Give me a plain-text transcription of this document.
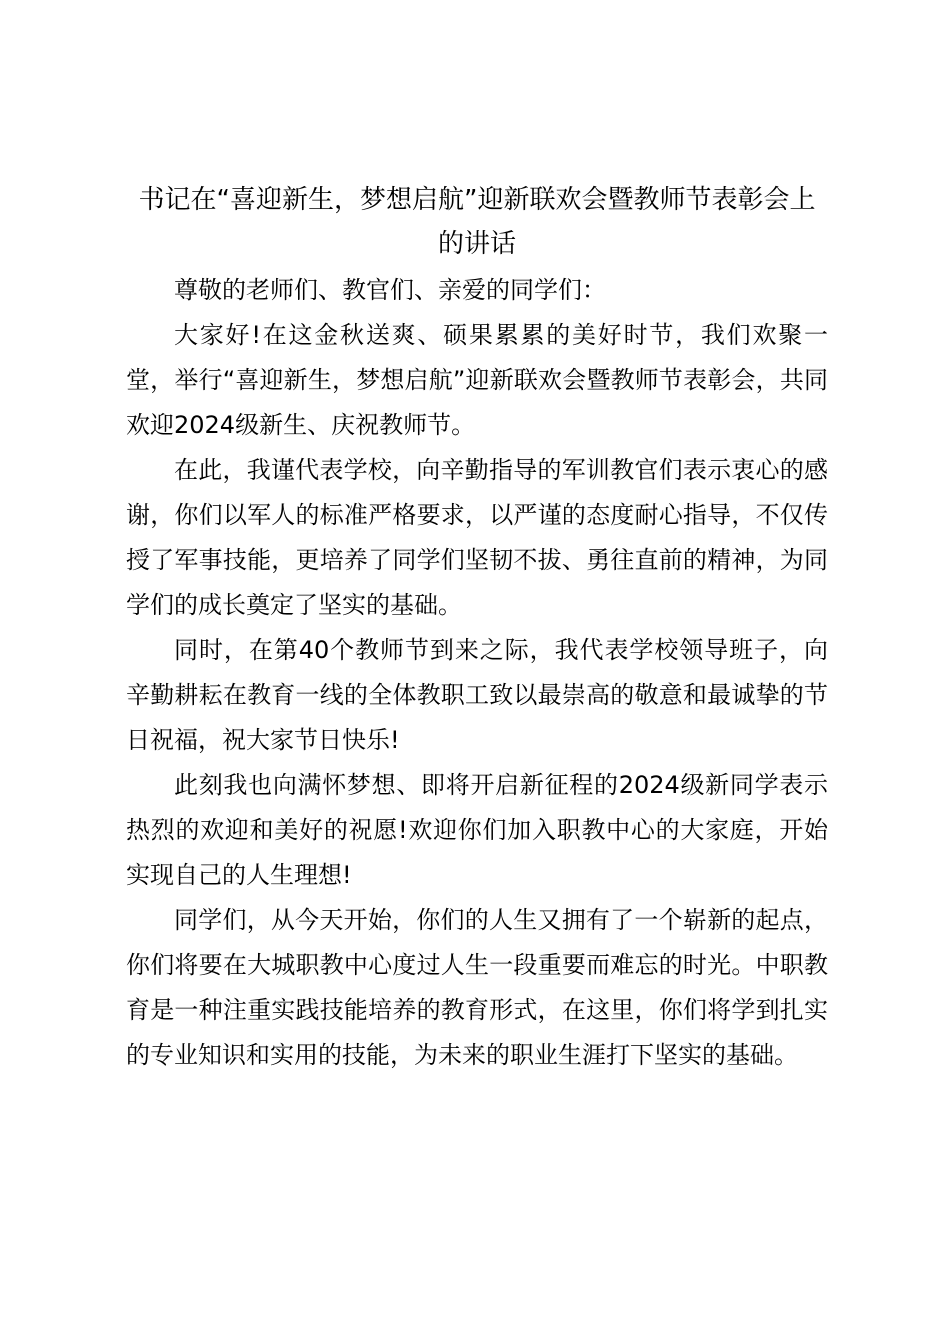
书记在“喜迎新生，梦想启航”迎新联欢会暨教师节表彰会上的讲话

尊敬的老师们、教官们、亲爱的同学们：

大家好!在这金秋送爽、硕果累累的美好时节，我们欢聚一堂，举行“喜迎新生，梦想启航”迎新联欢会暨教师节表彰会，共同欢迎2024级新生、庆祝教师节。

在此，我谨代表学校，向辛勤指导的军训教官们表示衷心的感谢，你们以军人的标准严格要求，以严谨的态度耐心指导，不仅传授了军事技能，更培养了同学们坚韧不拔、勇往直前的精神，为同学们的成长奠定了坚实的基础。

同时，在第40个教师节到来之际，我代表学校领导班子，向辛勤耕耘在教育一线的全体教职工致以最崇高的敬意和最诚挚的节日祝福，祝大家节日快乐!

此刻我也向满怀梦想、即将开启新征程的2024级新同学表示热烈的欢迎和美好的祝愿!欢迎你们加入职教中心的大家庭，开始实现自己的人生理想!

同学们，从今天开始，你们的人生又拥有了一个崭新的起点，你们将要在大城职教中心度过人生一段重要而难忘的时光。中职教育是一种注重实践技能培养的教育形式，在这里，你们将学到扎实的专业知识和实用的技能，为未来的职业生涯打下坚实的基础。
